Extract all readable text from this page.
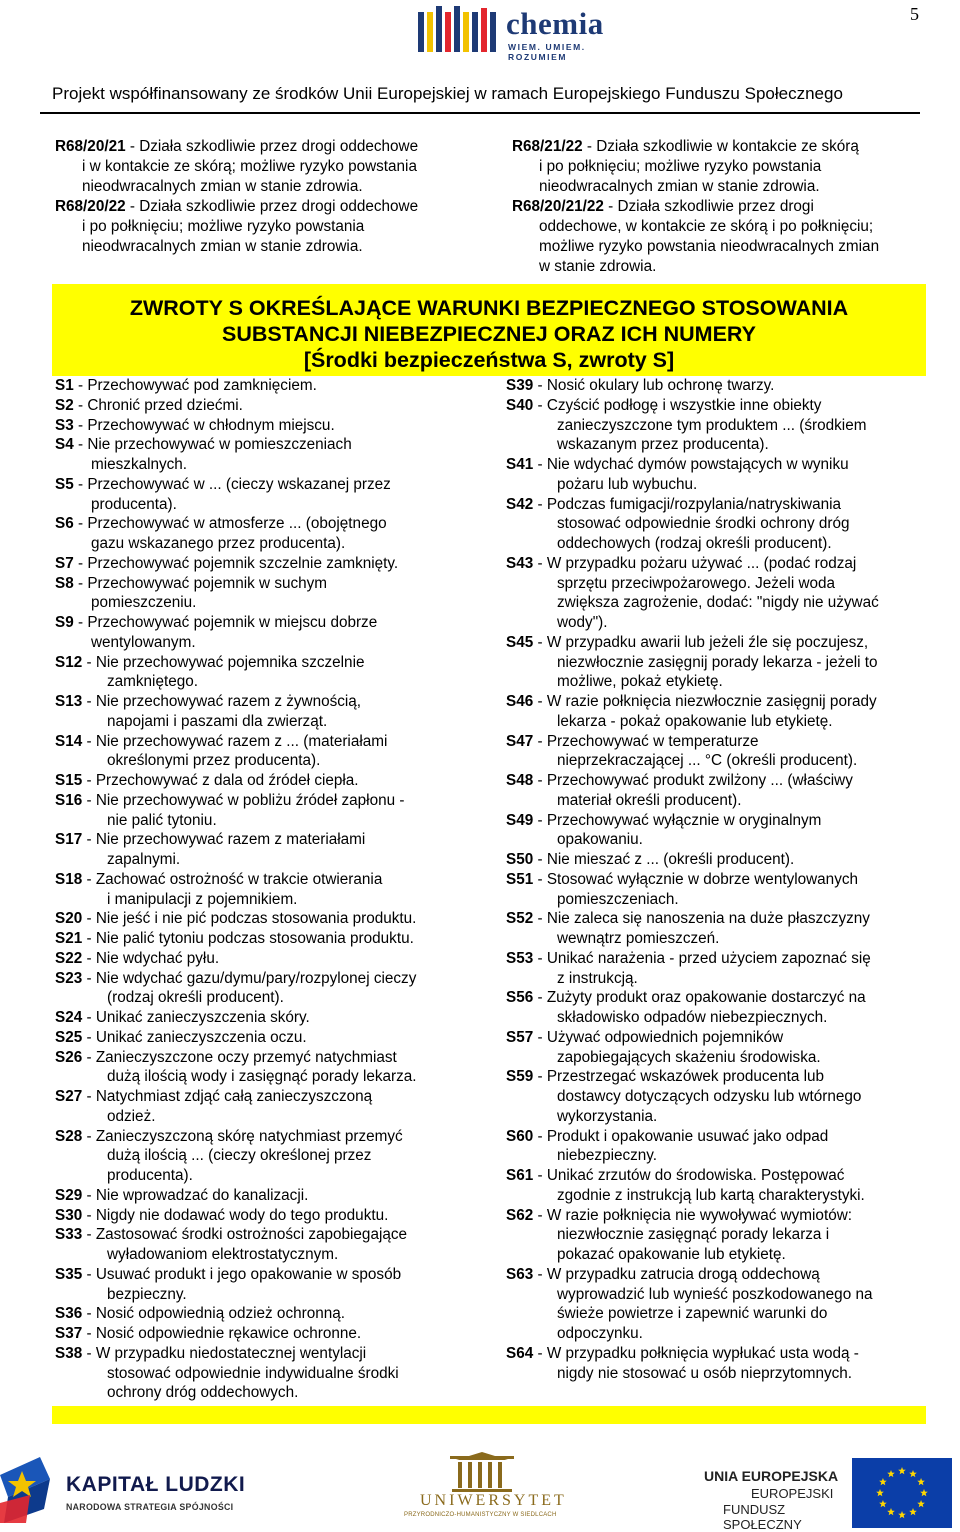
5
chemia
WIEM. UMIEM. ROZUMIEM
Projekt współfinansowany ze środków Unii Europejskiej w ramach Europejskiego Funduszu Społecznego
R68/20/21 - Działa szkodliwie przez drogi oddechowe
i w kontakcie ze skórą; możliwe ryzyko powstania
nieodwracalnych zmian w stanie zdrowia.
R68/20/22 - Działa szkodliwie przez drogi oddechowe
i po połknięciu; możliwe ryzyko powstania
nieodwracalnych zmian w stanie zdrowia.
R68/21/22 - Działa szkodliwie w kontakcie ze skórą
i po połknięciu; możliwe ryzyko powstania
nieodwracalnych zmian w stanie zdrowia.
R68/20/21/22 - Działa szkodliwie przez drogi
oddechowe, w kontakcie ze skórą i po połknięciu;
możliwe ryzyko powstania nieodwracalnych zmian
w stanie zdrowia.
ZWROTY S OKREŚLAJĄCE WARUNKI BEZPIECZNEGO STOSOWANIA
SUBSTANCJI NIEBEZPIECZNEJ ORAZ ICH NUMERY
[Środki bezpieczeństwa S, zwroty S]
S1 - Przechowywać pod zamknięciem.
S2 - Chronić przed dziećmi.
S3 - Przechowywać w chłodnym miejscu.
S4 - Nie przechowywać w pomieszczeniach
mieszkalnych.
S5 - Przechowywać w ... (cieczy wskazanej przez
producenta).
S6 - Przechowywać w atmosferze ... (obojętnego
gazu wskazanego przez producenta).
S7 - Przechowywać pojemnik szczelnie zamknięty.
S8 - Przechowywać pojemnik w suchym
pomieszczeniu.
S9 - Przechowywać pojemnik w miejscu dobrze
wentylowanym.
S12 - Nie przechowywać pojemnika szczelnie
zamkniętego.
S13 - Nie przechowywać razem z żywnością,
napojami i paszami dla zwierząt.
S14 - Nie przechowywać razem z ... (materiałami
określonymi przez producenta).
S15 - Przechowywać z dala od źródeł ciepła.
S16 - Nie przechowywać w pobliżu źródeł zapłonu -
nie palić tytoniu.
S17 - Nie przechowywać razem z materiałami
zapalnymi.
S18 - Zachować ostrożność w trakcie otwierania
i manipulacji z pojemnikiem.
S20 - Nie jeść i nie pić podczas stosowania produktu.
S21 - Nie palić tytoniu podczas stosowania produktu.
S22 - Nie wdychać pyłu.
S23 - Nie wdychać gazu/dymu/pary/rozpylonej cieczy
(rodzaj określi producent).
S24 - Unikać zanieczyszczenia skóry.
S25 - Unikać zanieczyszczenia oczu.
S26 - Zanieczyszczone oczy przemyć natychmiast
dużą ilością wody i zasięgnąć porady lekarza.
S27 - Natychmiast zdjąć całą zanieczyszczoną
odzież.
S28 - Zanieczyszczoną skórę natychmiast przemyć
dużą ilością ... (cieczy określonej przez
producenta).
S29 - Nie wprowadzać do kanalizacji.
S30 - Nigdy nie dodawać wody do tego produktu.
S33 - Zastosować środki ostrożności zapobiegające
wyładowaniom elektrostatycznym.
S35 - Usuwać produkt i jego opakowanie w sposób
bezpieczny.
S36 - Nosić odpowiednią odzież ochronną.
S37 - Nosić odpowiednie rękawice ochronne.
S38 - W przypadku niedostatecznej wentylacji
stosować odpowiednie indywidualne środki
ochrony dróg oddechowych.
S39 - Nosić okulary lub ochronę twarzy.
S40 - Czyścić podłogę i wszystkie inne obiekty
zanieczyszczone tym produktem ... (środkiem
wskazanym przez producenta).
S41 - Nie wdychać dymów powstających w wyniku
pożaru lub wybuchu.
S42 - Podczas fumigacji/rozpylania/natryskiwania
stosować odpowiednie środki ochrony dróg
oddechowych (rodzaj określi producent).
S43 - W przypadku pożaru używać ... (podać rodzaj
sprzętu przeciwpożarowego. Jeżeli woda
zwiększa zagrożenie, dodać: "nigdy nie używać
wody").
S45 - W przypadku awarii lub jeżeli źle się poczujesz,
niezwłocznie zasięgnij porady lekarza - jeżeli to
możliwe, pokaż etykietę.
S46 - W razie połknięcia niezwłocznie zasięgnij porady
lekarza - pokaż opakowanie lub etykietę.
S47 - Przechowywać w temperaturze
nieprzekraczającej ... °C (określi producent).
S48 - Przechowywać produkt zwilżony ... (właściwy
materiał określi producent).
S49 - Przechowywać wyłącznie w oryginalnym
opakowaniu.
S50 - Nie mieszać z ... (określi producent).
S51 - Stosować wyłącznie w dobrze wentylowanych
pomieszczeniach.
S52 - Nie zaleca się nanoszenia na duże płaszczyzny
wewnątrz pomieszczeń.
S53 - Unikać narażenia - przed użyciem zapoznać się
z instrukcją.
S56 - Zużyty produkt oraz opakowanie dostarczyć na
składowisko odpadów niebezpiecznych.
S57 - Używać odpowiednich pojemników
zapobiegających skażeniu środowiska.
S59 - Przestrzegać wskazówek producenta lub
dostawcy dotyczących odzysku lub wtórnego
wykorzystania.
S60 - Produkt i opakowanie usuwać jako odpad
niebezpieczny.
S61 - Unikać zrzutów do środowiska. Postępować
zgodnie z instrukcją lub kartą charakterystyki.
S62 - W razie połknięcia nie wywoływać wymiotów:
niezwłocznie zasięgnąć porady lekarza i
pokazać opakowanie lub etykietę.
S63 - W przypadku zatrucia drogą oddechową
wyprowadzić lub wynieść poszkodowanego na
świeże powietrze i zapewnić warunki do
odpoczynku.
S64 - W przypadku połknięcia wypłukać usta wodą -
nigdy nie stosować u osób nieprzytomnych.
KAPITAŁ LUDZKI
NARODOWA STRATEGIA SPÓJNOŚCI	UNIWERSYTET
PRZYRODNICZO-HUMANISTYCZNY W SIEDLCACH
UNIA EUROPEJSKA
EUROPEJSKI
FUNDUSZ SPOŁECZNY
